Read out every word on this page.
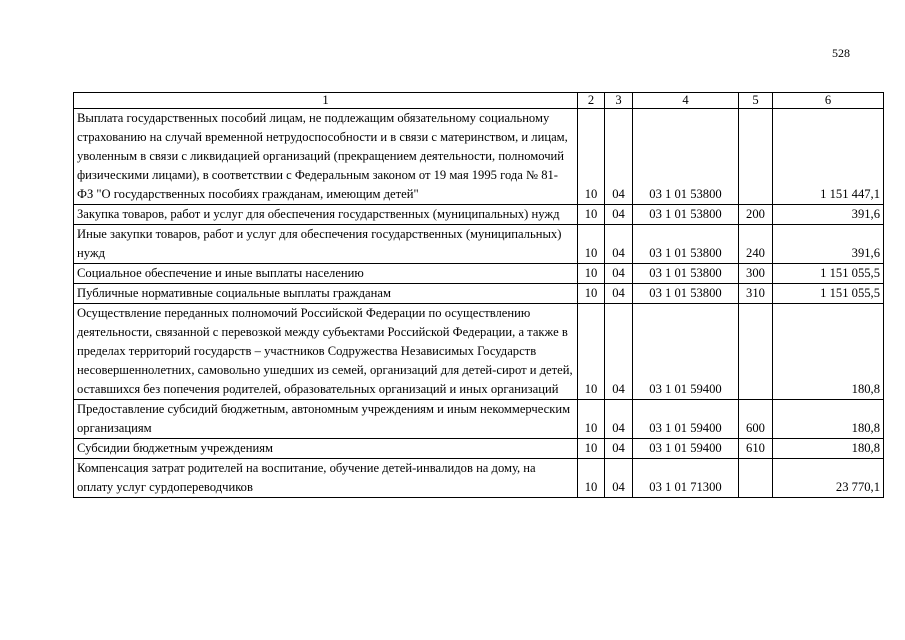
528
1	2	3	4	5	6
Выплата государственных пособий лицам, не подлежащим обязательному социальному страхованию на случай временной нетрудоспособности и в связи с материнством, и лицам, уволенным в связи с ликвидацией организаций (прекращением деятельности, полномочий физическими лицами), в соответствии с Федеральным законом от 19 мая 1995 года № 81-ФЗ "О государственных пособиях гражданам, имеющим детей"	10	04	03 1 01 53800		1 151 447,1
Закупка товаров, работ и услуг для обеспечения государственных (муниципальных) нужд	10	04	03 1 01 53800	200	391,6
Иные закупки товаров, работ и услуг для обеспечения государственных (муниципальных) нужд	10	04	03 1 01 53800	240	391,6
Социальное обеспечение и иные выплаты населению	10	04	03 1 01 53800	300	1 151 055,5
Публичные нормативные социальные выплаты гражданам	10	04	03 1 01 53800	310	1 151 055,5
Осуществление переданных полномочий Российской Федерации по осуществлению деятельности, связанной с перевозкой между субъектами Российской Федерации, а также в пределах территорий государств – участников Содружества Независимых Государств несовершеннолетних, самовольно ушедших из семей, организаций для детей-сирот и детей, оставшихся без попечения родителей, образовательных организаций и иных организаций	10	04	03 1 01 59400		180,8
Предоставление субсидий бюджетным, автономным учреждениям и иным некоммерческим организациям	10	04	03 1 01 59400	600	180,8
Субсидии бюджетным учреждениям	10	04	03 1 01 59400	610	180,8
Компенсация затрат родителей на воспитание, обучение детей-инвалидов на дому, на оплату услуг сурдопереводчиков	10	04	03 1 01 71300		23 770,1
